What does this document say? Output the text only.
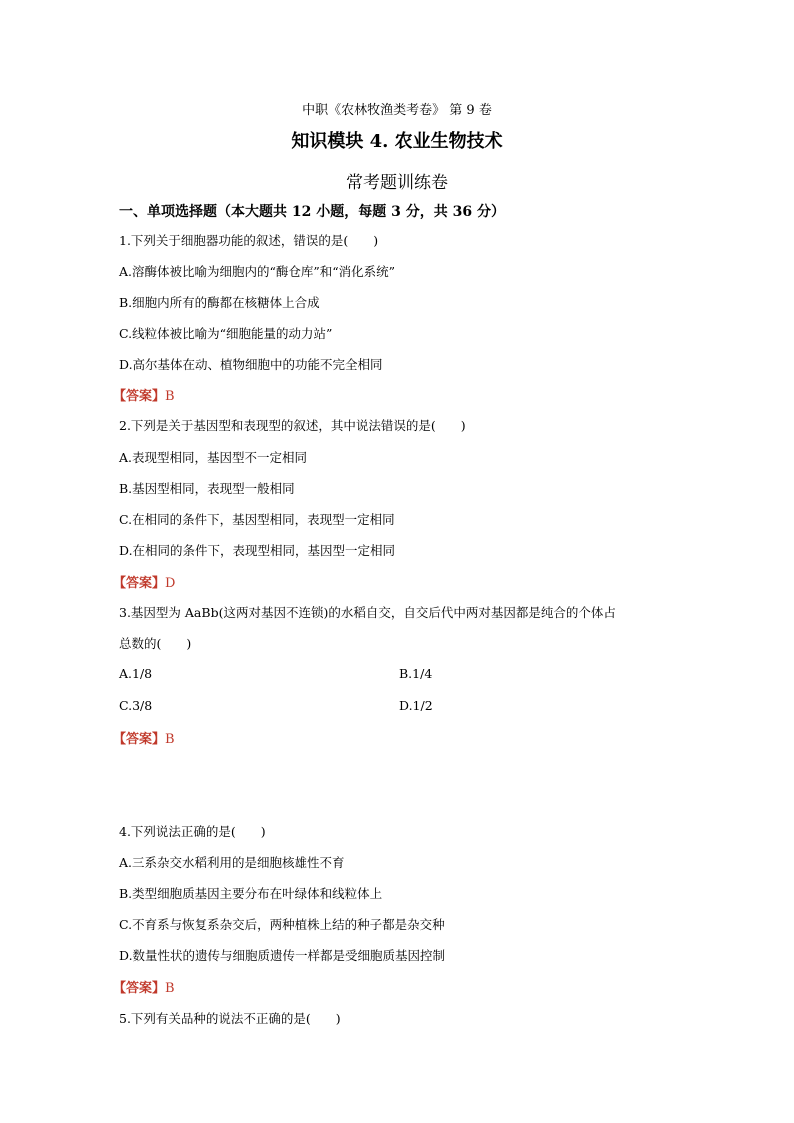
中职《农林牧渔类考卷》 第 9 卷
知识模块 4. 农业生物技术
常考题训练卷
一、单项选择题（本大题共 12 小题，每题 3 分，共 36 分）
1.下列关于细胞器功能的叙述，错误的是(　　)
A.溶酶体被比喻为细胞内的“酶仓库”和“消化系统”
B.细胞内所有的酶都在核糖体上合成
C.线粒体被比喻为“细胞能量的动力站”
D.高尔基体在动、植物细胞中的功能不完全相同
【答案】B
2.下列是关于基因型和表现型的叙述，其中说法错误的是(　　)
A.表现型相同，基因型不一定相同
B.基因型相同，表现型一般相同
C.在相同的条件下，基因型相同，表现型一定相同
D.在相同的条件下，表现型相同，基因型一定相同
【答案】D
3.基因型为 AaBb(这两对基因不连锁)的水稻自交，自交后代中两对基因都是纯合的个体占
总数的(　　)
A.1/8	B.1/4
C.3/8	D.1/2
【答案】B
4.下列说法正确的是(　　)
A.三系杂交水稻利用的是细胞核雄性不育
B.类型细胞质基因主要分布在叶绿体和线粒体上
C.不育系与恢复系杂交后，两种植株上结的种子都是杂交种
D.数量性状的遗传与细胞质遗传一样都是受细胞质基因控制
【答案】B
5.下列有关品种的说法不正确的是(　　)
